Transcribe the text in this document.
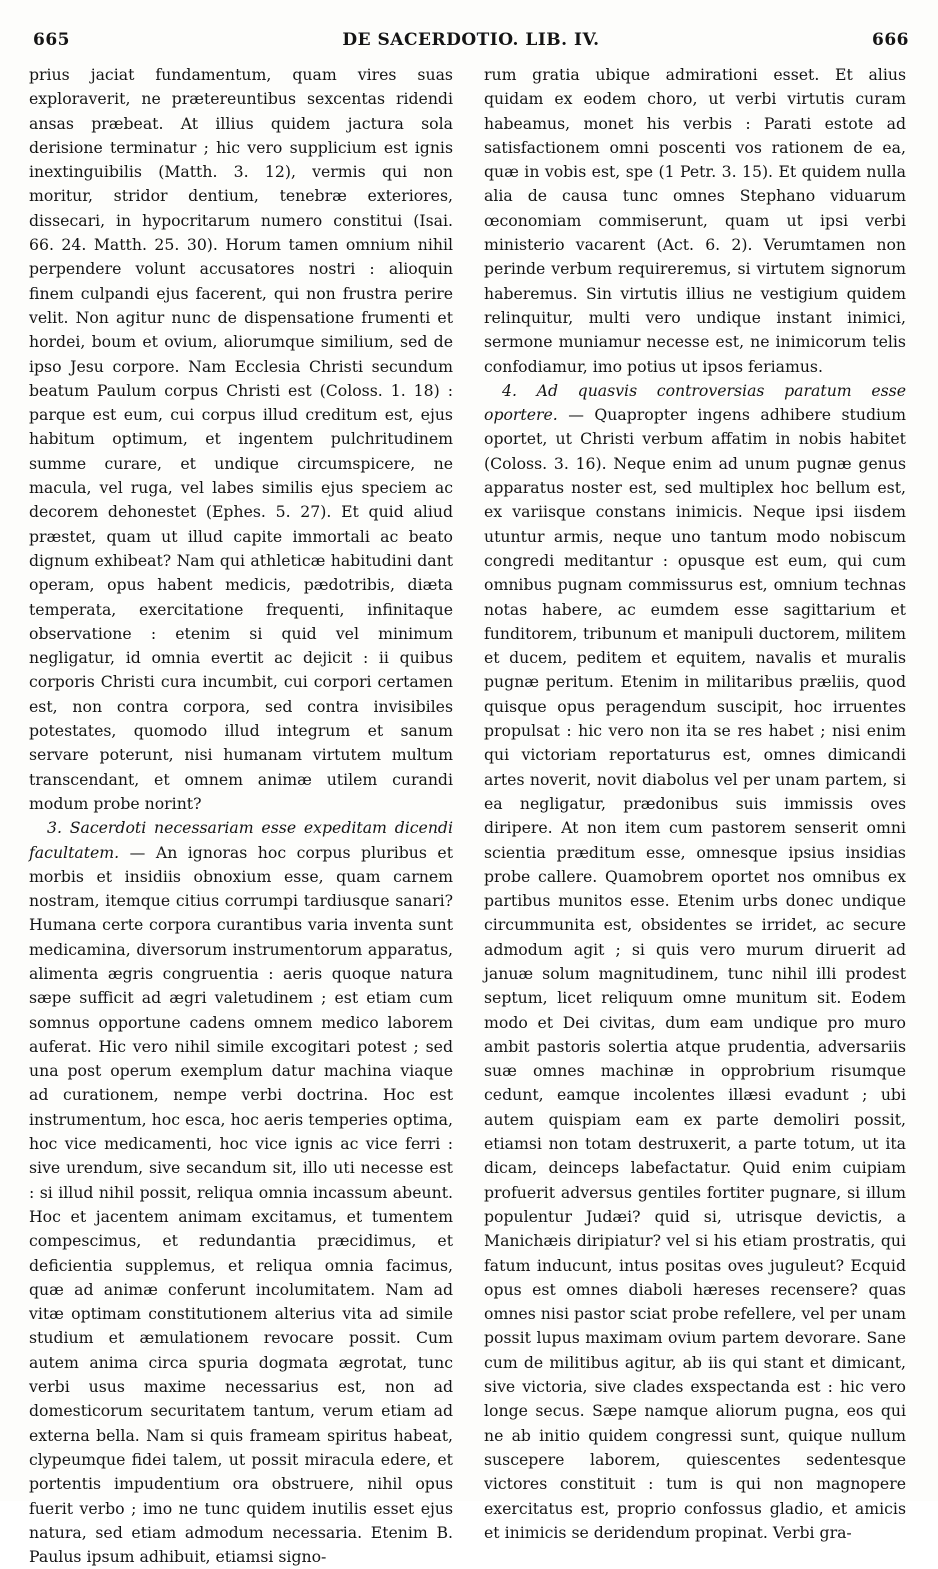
665	DE SACERDOTIO. LIB. IV.	666

prius jaciat fundamentum, quam vires suas exploraverit, ne prætereuntibus sexcentas ridendi ansas præbeat. At illius quidem jactura sola derisione terminatur ; hic vero supplicium est ignis inextinguibilis (Matth. 3. 12), vermis qui non moritur, stridor dentium, tenebræ exteriores, dissecari, in hypocritarum numero constitui (Isai. 66. 24. Matth. 25. 30). Horum tamen omnium nihil perpendere volunt accusatores nostri : alioquin finem culpandi ejus facerent, qui non frustra perire velit. Non agitur nunc de dispensatione frumenti et hordei, boum et ovium, aliorumque similium, sed de ipso Jesu corpore. Nam Ecclesia Christi secundum beatum Paulum corpus Christi est (Coloss. 1. 18) : parque est eum, cui corpus illud creditum est, ejus habitum optimum, et ingentem pulchritudinem summe curare, et undique circumspicere, ne macula, vel ruga, vel labes similis ejus speciem ac decorem dehonestet (Ephes. 5. 27). Et quid aliud præstet, quam ut illud capite immortali ac beato dignum exhibeat? Nam qui athleticæ habitudini dant operam, opus habent medicis, pædotribis, diæta temperata, exercitatione frequenti, infinitaque observatione : etenim si quid vel minimum negligatur, id omnia evertit ac dejicit : ii quibus corporis Christi cura incumbit, cui corpori certamen est, non contra corpora, sed contra invisibiles potestates, quomodo illud integrum et sanum servare poterunt, nisi humanam virtutem multum transcendant, et omnem animæ utilem curandi modum probe norint?

3. Sacerdoti necessariam esse expeditam dicendi facultatem. — An ignoras hoc corpus pluribus et morbis et insidiis obnoxium esse, quam carnem nostram, itemque citius corrumpi tardiusque sanari? Humana certe corpora curantibus varia inventa sunt medicamina, diversorum instrumentorum apparatus, alimenta ægris congruentia : aeris quoque natura sæpe sufficit ad ægri valetudinem ; est etiam cum somnus opportune cadens omnem medico laborem auferat. Hic vero nihil simile excogitari potest ; sed una post operum exemplum datur machina viaque ad curationem, nempe verbi doctrina. Hoc est instrumentum, hoc esca, hoc aeris temperies optima, hoc vice medicamenti, hoc vice ignis ac vice ferri : sive urendum, sive secandum sit, illo uti necesse est : si illud nihil possit, reliqua omnia incassum abeunt. Hoc et jacentem animam excitamus, et tumentem compescimus, et redundantia præcidimus, et deficientia supplemus, et reliqua omnia facimus, quæ ad animæ conferunt incolumitatem. Nam ad vitæ optimam constitutionem alterius vita ad simile studium et æmulationem revocare possit. Cum autem anima circa spuria dogmata ægrotat, tunc verbi usus maxime necessarius est, non ad domesticorum securitatem tantum, verum etiam ad externa bella. Nam si quis frameam spiritus habeat, clypeumque fidei talem, ut possit miracula edere, et portentis impudentium ora obstruere, nihil opus fuerit verbo ; imo ne tunc quidem inutilis esset ejus natura, sed etiam admodum necessaria. Etenim B. Paulus ipsum adhibuit, etiamsi signo-

rum gratia ubique admirationi esset. Et alius quidam ex eodem choro, ut verbi virtutis curam habeamus, monet his verbis : Parati estote ad satisfactionem omni poscenti vos rationem de ea, quæ in vobis est, spe (1 Petr. 3. 15). Et quidem nulla alia de causa tunc omnes Stephano viduarum œconomiam commiserunt, quam ut ipsi verbi ministerio vacarent (Act. 6. 2). Verumtamen non perinde verbum requireremus, si virtutem signorum haberemus. Sin virtutis illius ne vestigium quidem relinquitur, multi vero undique instant inimici, sermone muniamur necesse est, ne inimicorum telis confodiamur, imo potius ut ipsos feriamus.

4. Ad quasvis controversias paratum esse oportere. — Quapropter ingens adhibere studium oportet, ut Christi verbum affatim in nobis habitet (Coloss. 3. 16). Neque enim ad unum pugnæ genus apparatus noster est, sed multiplex hoc bellum est, ex variisque constans inimicis. Neque ipsi iisdem utuntur armis, neque uno tantum modo nobiscum congredi meditantur : opusque est eum, qui cum omnibus pugnam commissurus est, omnium technas notas habere, ac eumdem esse sagittarium et funditorem, tribunum et manipuli ductorem, militem et ducem, peditem et equitem, navalis et muralis pugnæ peritum. Etenim in militaribus præliis, quod quisque opus peragendum suscipit, hoc irruentes propulsat : hic vero non ita se res habet ; nisi enim qui victoriam reportaturus est, omnes dimicandi artes noverit, novit diabolus vel per unam partem, si ea negligatur, prædonibus suis immissis oves diripere. At non item cum pastorem senserit omni scientia præditum esse, omnesque ipsius insidias probe callere. Quamobrem oportet nos omnibus ex partibus munitos esse. Etenim urbs donec undique circummunita est, obsidentes se irridet, ac secure admodum agit ; si quis vero murum diruerit ad januæ solum magnitudinem, tunc nihil illi prodest septum, licet reliquum omne munitum sit. Eodem modo et Dei civitas, dum eam undique pro muro ambit pastoris solertia atque prudentia, adversariis suæ omnes machinæ in opprobrium risumque cedunt, eamque incolentes illæsi evadunt ; ubi autem quispiam eam ex parte demoliri possit, etiamsi non totam destruxerit, a parte totum, ut ita dicam, deinceps labefactatur. Quid enim cuipiam profuerit adversus gentiles fortiter pugnare, si illum populentur Judæi? quid si, utrisque devictis, a Manichæis diripiatur? vel si his etiam prostratis, qui fatum inducunt, intus positas oves juguleut? Ecquid opus est omnes diaboli hæreses recensere? quas omnes nisi pastor sciat probe refellere, vel per unam possit lupus maximam ovium partem devorare. Sane cum de militibus agitur, ab iis qui stant et dimicant, sive victoria, sive clades exspectanda est : hic vero longe secus. Sæpe namque aliorum pugna, eos qui ne ab initio quidem congressi sunt, quique nullum suscepere laborem, quiescentes sedentesque victores constituit : tum is qui non magnopere exercitatus est, proprio confossus gladio, et amicis et inimicis se deridendum propinat. Verbi gra-
